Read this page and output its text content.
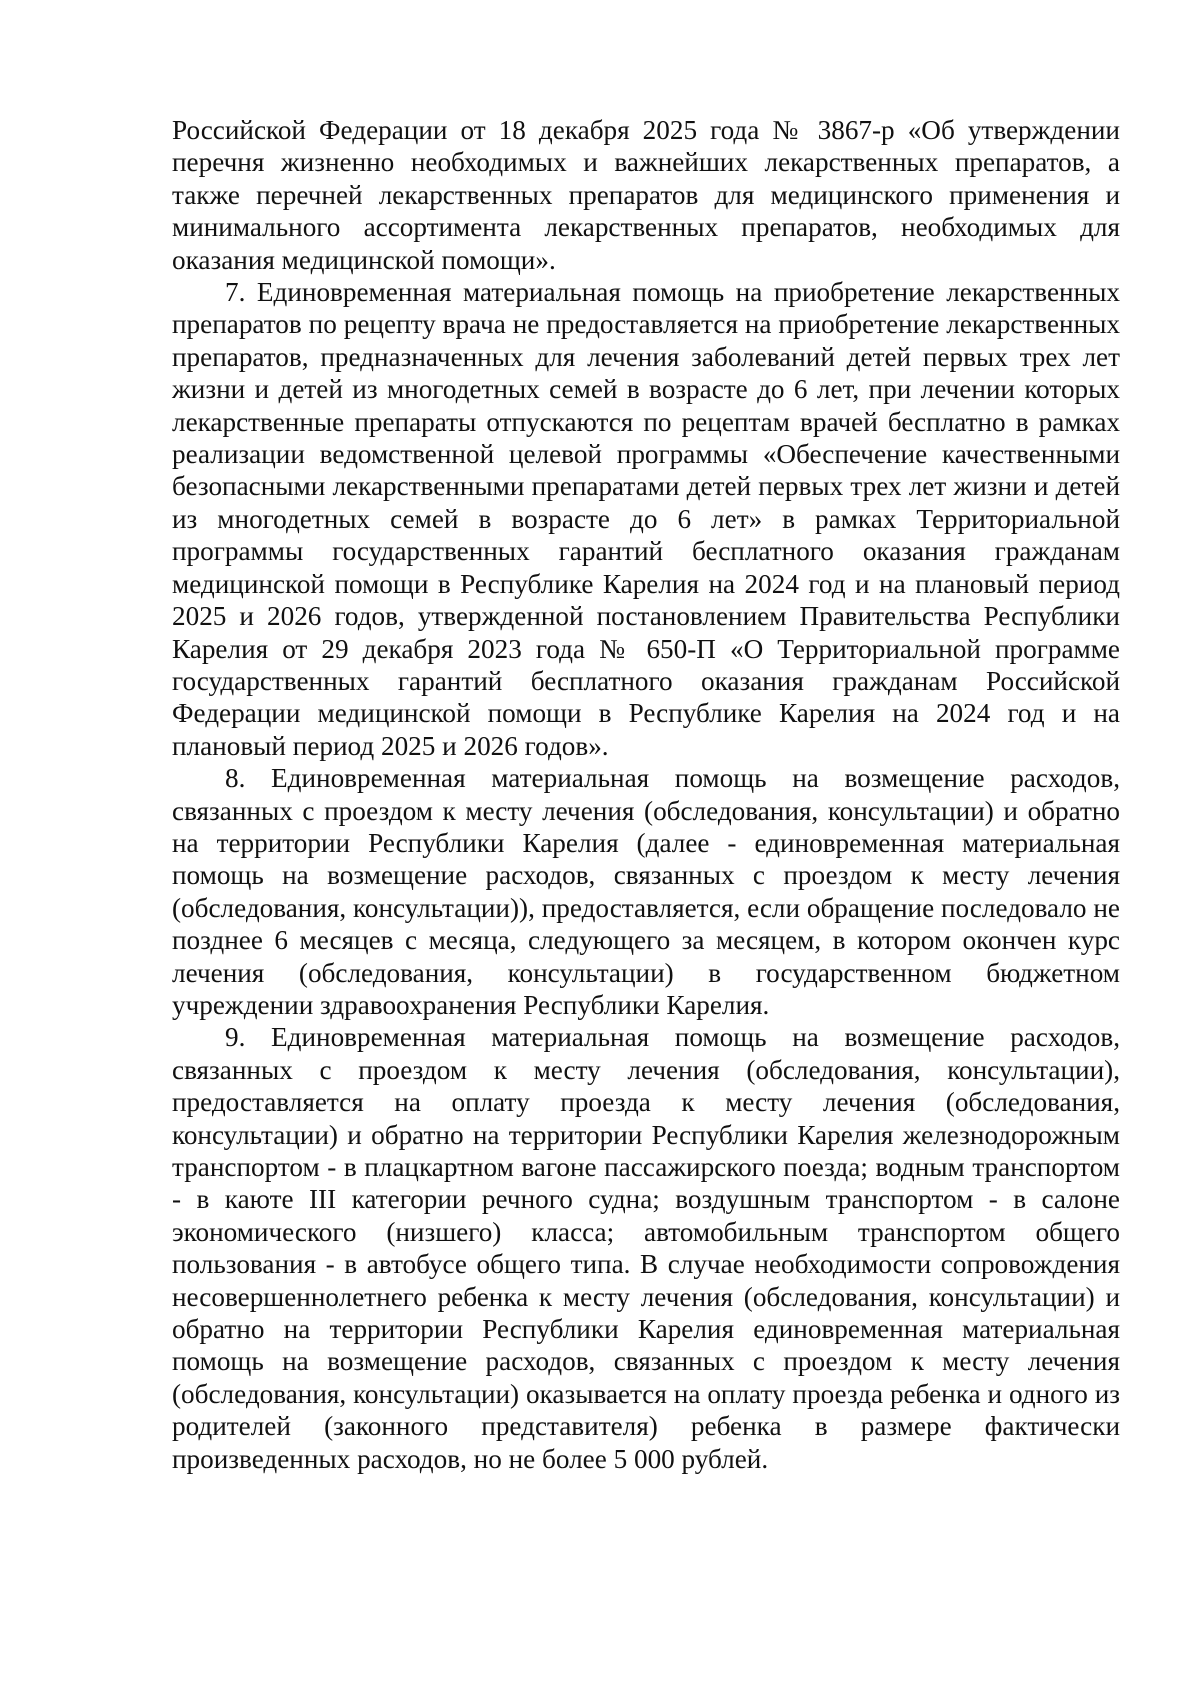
Российской Федерации от 18 декабря 2025 года № 3867-р «Об утверждении перечня жизненно необходимых и важнейших лекарственных препаратов, а также перечней лекарственных препаратов для медицинского применения и минимального ассортимента лекарственных препаратов, необходимых для оказания медицинской помощи».

7. Единовременная материальная помощь на приобретение лекарственных препаратов по рецепту врача не предоставляется на приобретение лекарственных препаратов, предназначенных для лечения заболеваний детей первых трех лет жизни и детей из многодетных семей в возрасте до 6 лет, при лечении которых лекарственные препараты отпускаются по рецептам врачей бесплатно в рамках реализации ведомственной целевой программы «Обеспечение качественными безопасными лекарственными препаратами детей первых трех лет жизни и детей из многодетных семей в возрасте до 6 лет» в рамках Территориальной программы государственных гарантий бесплатного оказания гражданам медицинской помощи в Республике Карелия на 2024 год и на плановый период 2025 и 2026 годов, утвержденной постановлением Правительства Республики Карелия от 29 декабря 2023 года № 650-П «О Территориальной программе государственных гарантий бесплатного оказания гражданам Российской Федерации медицинской помощи в Республике Карелия на 2024 год и на плановый период 2025 и 2026 годов».

8. Единовременная материальная помощь на возмещение расходов, связанных с проездом к месту лечения (обследования, консультации) и обратно на территории Республики Карелия (далее - единовременная материальная помощь на возмещение расходов, связанных с проездом к месту лечения (обследования, консультации)), предоставляется, если обращение последовало не позднее 6 месяцев с месяца, следующего за месяцем, в котором окончен курс лечения (обследования, консультации) в государственном бюджетном учреждении здравоохранения Республики Карелия.

9. Единовременная материальная помощь на возмещение расходов, связанных с проездом к месту лечения (обследования, консультации), предоставляется на оплату проезда к месту лечения (обследования, консультации) и обратно на территории Республики Карелия железнодорожным транспортом - в плацкартном вагоне пассажирского поезда; водным транспортом - в каюте III категории речного судна; воздушным транспортом - в салоне экономического (низшего) класса; автомобильным транспортом общего пользования - в автобусе общего типа. В случае необходимости сопровождения несовершеннолетнего ребенка к месту лечения (обследования, консультации) и обратно на территории Республики Карелия единовременная материальная помощь на возмещение расходов, связанных с проездом к месту лечения (обследования, консультации) оказывается на оплату проезда ребенка и одного из родителей (законного представителя) ребенка в размере фактически произведенных расходов, но не более 5 000 рублей.
